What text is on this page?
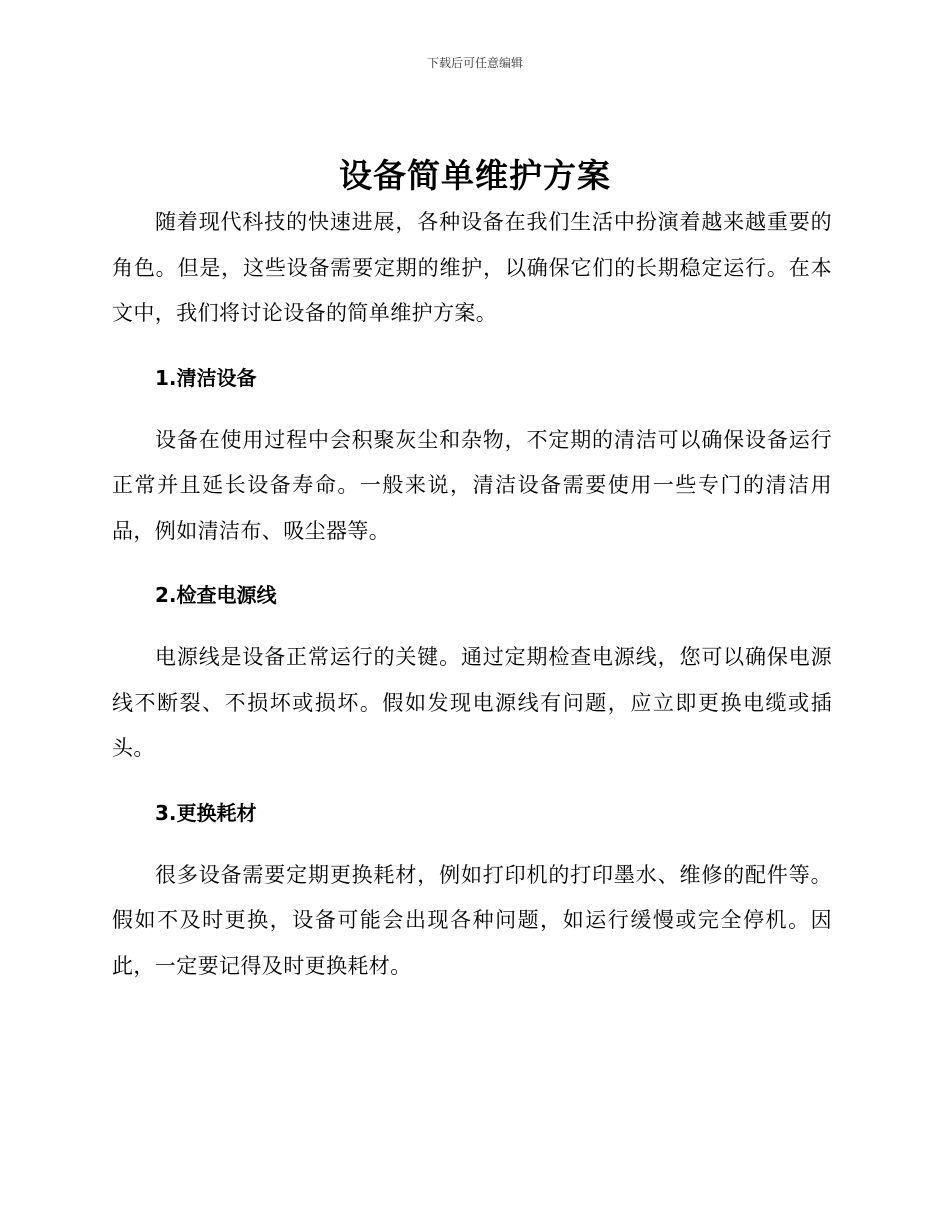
下载后可任意编辑
设备简单维护方案

随着现代科技的快速进展，各种设备在我们生活中扮演着越来越重要的角色。但是，这些设备需要定期的维护，以确保它们的长期稳定运行。在本文中，我们将讨论设备的简单维护方案。

1.清洁设备

设备在使用过程中会积聚灰尘和杂物，不定期的清洁可以确保设备运行正常并且延长设备寿命。一般来说，清洁设备需要使用一些专门的清洁用品，例如清洁布、吸尘器等。

2.检查电源线

电源线是设备正常运行的关键。通过定期检查电源线，您可以确保电源线不断裂、不损坏或损坏。假如发现电源线有问题，应立即更换电缆或插头。

3.更换耗材

很多设备需要定期更换耗材，例如打印机的打印墨水、维修的配件等。假如不及时更换，设备可能会出现各种问题，如运行缓慢或完全停机。因此，一定要记得及时更换耗材。
